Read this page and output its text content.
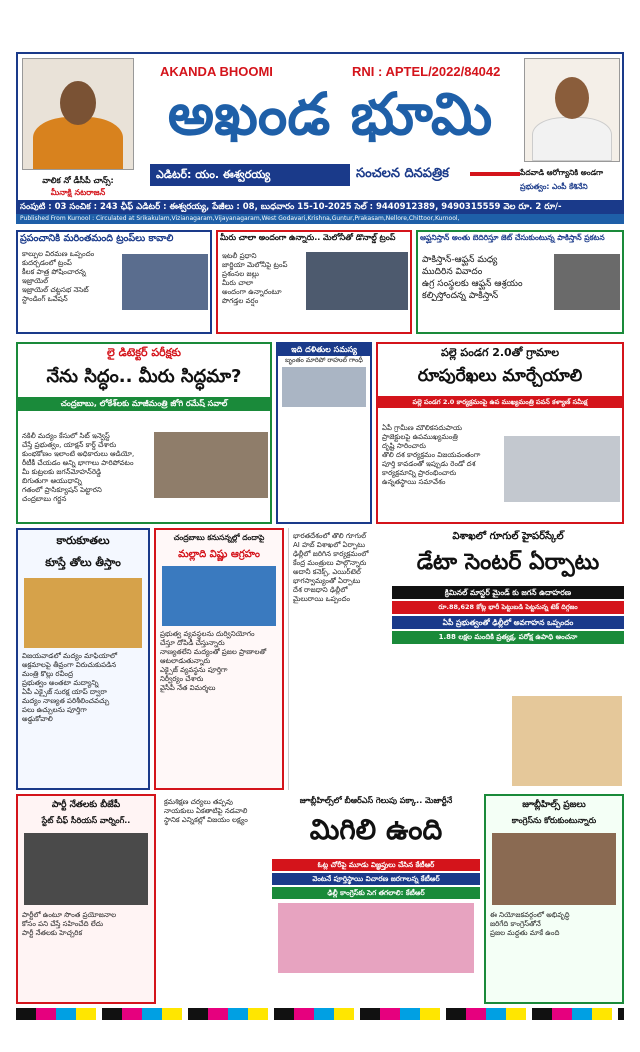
వాలిక నో డీసీపీ చాన్స్:
మీనాక్షి నటరాజన్
AKANDA BHOOMI	RNI : APTEL/2022/84042
అఖండ భూమి
ఎడిటర్: యం. ఈశ్వరయ్య	సంచలన దినపత్రిక	పేదవాడి ఆరోగ్యానికి అండగా
ప్రభుత్వం: ఎంపీ కేశినేని
సంపుటి : 03 సంచిక : 243 ఛీఫ్ ఎడిటర్ : ఈశ్వరయ్య, పేజీలు : 08, బుధవారం 15-10-2025 సెల్ : 9440912389, 9490315559 వెల రూ. 2 రూ/-
Published From Kurnool : Circulated at Srikakulam,Vizianagaram,Vijayanagaram,West Godavari,Krishna,Guntur,Prakasam,Nellore,Chittoor,Kurnool,
ప్రపంచానికి మరింతమంది ట్రంప్‌లు కావాలి
కాల్పుల విరమణ ఒప్పందం
కుదర్చడంలో ట్రంప్
కీలక పాత్ర పోషించారన్న
ఇజ్రాయెల్
ఇజ్రాయెల్ చట్టసభ నెసెట్
స్టాండింగ్ ఒవేషన్
మీరు చాలా అందంగా ఉన్నారు.. మెలోనీతో డొనాల్డ్ ట్రంప్
ఇటలీ ప్రధాని
జార్జియా మెలోనీపై ట్రంప్
ప్రశంసల జల్లు
మీరు చాలా
అందంగా ఉన్నారంటూ
పొగడ్తల వర్షం
ఆఫ్ఘనిస్తాన్ అంతు బెదిరిస్తూ జెట్ చేసుకుంటున్న పాకిస్తాన్ ప్రకటన
పాకిస్తాన్-ఆఫ్ఘన్ మధ్య
ముదిరిన వివాదం
ఉగ్ర సంస్థలకు ఆఫ్ఘన్ ఆశ్రయం
కల్పిస్తోందన్న పాకిస్తాన్
లై డిటెక్టర్ పరీక్షకు
నేను సిద్ధం.. మీరు సిద్ధమా?
చంద్రబాబు, లోకేశ్‌లకు మాజీమంత్రి జోగి రమేష్ సవాల్
నకిలీ మద్యం కేసులో సిట్ ఇన్వెస్ట్
చేస్తే ప్రభుత్వం, యాక్షన్ కార్డ్ చేశారు
కుంభకోణం ఇలాంటి అధికారులు ఆడియో,
రీటీకీ చేయడం అన్ని భాగాలు పారిపోవటం
మీ కుట్రలకు జగన్‌మోహన్‌రెడ్డి
బిగుతుగా ఆయుధాన్ని
గతంలో ప్రాసిక్యూషన్ పెట్టారని
చంద్రబాబు గర్జన
ఇది దళితుల సమస్య
బృంతం మారిపో రాహుల్ గాంధీ
పల్లె పండగ 2.0తో గ్రామాల
రూపురేఖలు మార్చేయాలి
పల్లె పండగ 2.0 కార్యక్రమంపై ఉప ముఖ్యమంత్రి పవన్ కళ్యాణ్ సమీక్ష
ఏపీ గ్రామీణ మౌలికసదుపాయ
ప్రాజెక్టులపై ఉపముఖ్యమంత్రి
దృష్టి సారించారు
తొలి దశ కార్యక్రమం విజయవంతంగా
పూర్తి కావడంతో ఇప్పుడు రెండో దశ
కార్యక్రమాన్ని ప్రారంభించారు
ఉన్నతస్థాయి సమావేశం
కారుకూతలు
కూస్తే తోలు తీస్తాం
విజయవాడలో మద్యం మాఫియాలో
అక్రమాలపై తీవ్రంగా విరుచుకుపడిన
మంత్రి కొల్లు రవీంద్ర
ప్రభుత్వం అంతటా మద్యాన్ని
ఏపీ ఎక్సైజ్ సురక్ష యాప్ ద్వారా
మద్యం నాణ్యత పరిశీలించవచ్చు
పలు ఉచ్చులను పూర్తిగా
అడ్డుకోవాలి
చంద్రబాబు కనుసన్నల్లో దందాపై
మల్లాది విష్ణు ఆగ్రహం
ప్రభుత్వ వ్యవస్థలను దుర్వినియోగం
చేస్తూ దోపిడీ చేస్తున్నారు
నాణ్యతలేని మద్యంతో ప్రజల ప్రాణాలతో
ఆటలాడుతున్నారు
ఎక్సైజ్ వ్యవస్థను పూర్తిగా
నిర్వీర్యం చేశారు
వైసీపీ నేత విమర్శలు
భారతదేశంలో తొలి గూగుల్
AI హబ్ విశాఖలో ఏర్పాటు
ఢిల్లీలో జరిగిన కార్యక్రమంలో
కేంద్ర మంత్రులు పాల్గొన్నారు
అదానీ కనెక్స్, ఎయిర్‌టెల్
భాగస్వామ్యంతో ఏర్పాటు
దేశ రాజధాని ఢిల్లీలో
మైలురాయి ఒప్పందం
విశాఖలో గూగుల్ హైపర్‌స్కేల్
డేటా సెంటర్ ఏర్పాటు
క్రిమినల్ మాస్టర్ మైండ్ కు జగన్ ఉదాహరణ
రూ.88,628 కోట్ల భారీ పెట్టుబడి పెట్టనున్న టెక్ దిగ్గజం
ఏపీ ప్రభుత్వంతో ఢిల్లీలో అవగాహన ఒప్పందం
1.88 లక్షల మందికి ప్రత్యక్ష, పరోక్ష ఉపాధి అంచనా
పార్టీ నేతలకు బీజేపీ
స్టేట్ చీఫ్ సీరియస్ వార్నింగ్..
పార్టీలో ఉంటూ సొంత ప్రయోజనాల
కోసం పని చేస్తే సహించేది లేదు
పార్టీ నేతలకు హెచ్చరిక
క్రమశిక్షణ చర్యలు తప్పవు
నాయకులు ఏకతాటిపై నడవాలి
స్థానిక ఎన్నికల్లో విజయం లక్ష్యం
జూబ్లీహిల్స్‌లో బీఆర్ఎస్ గెలుపు పక్కా.. మెజార్టీనే
మిగిలి ఉంది
ఓట్ల చోరీపై మూడు విజ్ఞప్తులు చేసిన కేటీఆర్
వెంటనే పూర్తిస్థాయి విచారణ జరగాలన్న కేటీఆర్
ఢిల్లీ కాంగ్రెస్‌కు సెగ తగలాలి: కేటీఆర్
జూబ్లీహిల్స్ ప్రజలు
కాంగ్రెస్‌ను కోరుకుంటున్నారు
ఈ నియోజకవర్గంలో అభివృద్ధి
జరిగేది కాంగ్రెస్‌తోనే
ప్రజల మద్దతు మాకే ఉంది
